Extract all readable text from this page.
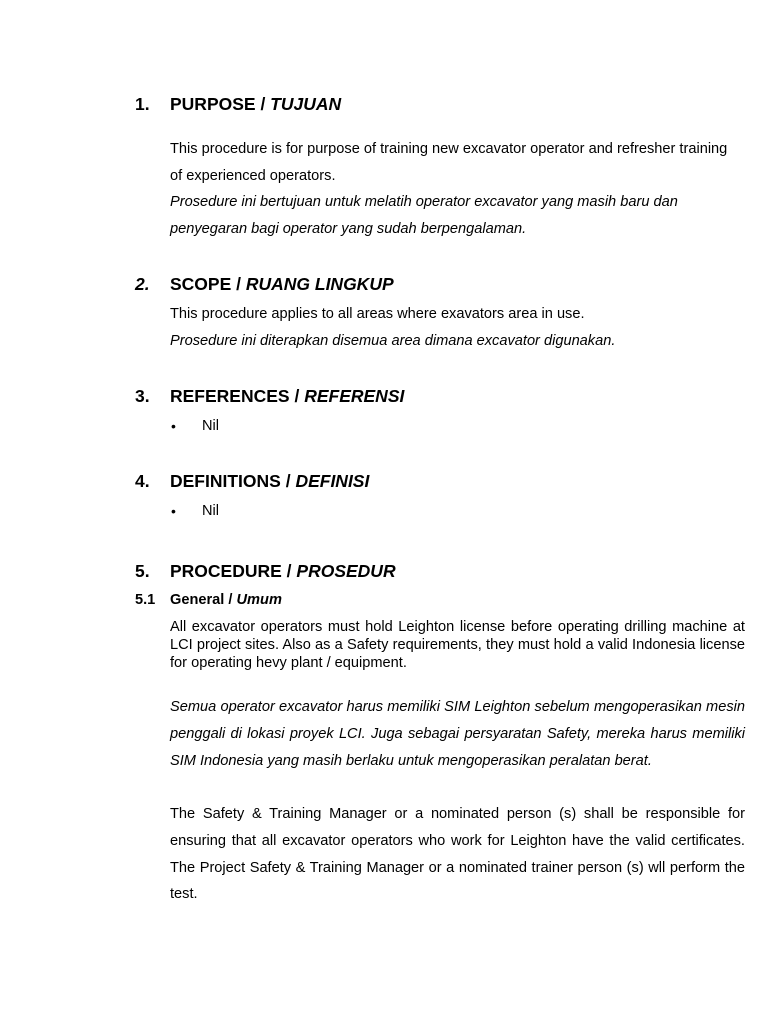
1. PURPOSE / TUJUAN

This procedure is for purpose of training new excavator operator and refresher training

of experienced operators.

Prosedure ini bertujuan untuk melatih operator excavator yang masih baru dan

penyegaran bagi operator yang sudah berpengalaman.

2. SCOPE / RUANG LINGKUP

This procedure applies to all areas where exavators area in use.

Prosedure ini diterapkan disemua area dimana excavator digunakan.

3. REFERENCES / REFERENSI

• Nil

4. DEFINITIONS / DEFINISI

• Nil

5. PROCEDURE / PROSEDUR

5.1 General / Umum

All excavator operators must hold Leighton license before operating drilling machine at LCI project sites. Also as a Safety requirements, they must hold a valid Indonesia license for operating hevy plant / equipment.

Semua operator excavator harus memiliki SIM Leighton sebelum mengoperasikan mesin penggali di lokasi proyek LCI. Juga sebagai persyaratan Safety, mereka harus memiliki SIM Indonesia yang masih berlaku untuk mengoperasikan peralatan berat.

The Safety & Training Manager or a nominated person (s) shall be responsible for ensuring that all excavator operators who work for Leighton have the valid certificates. The Project Safety & Training Manager or a nominated trainer person (s) wll perform the test.
